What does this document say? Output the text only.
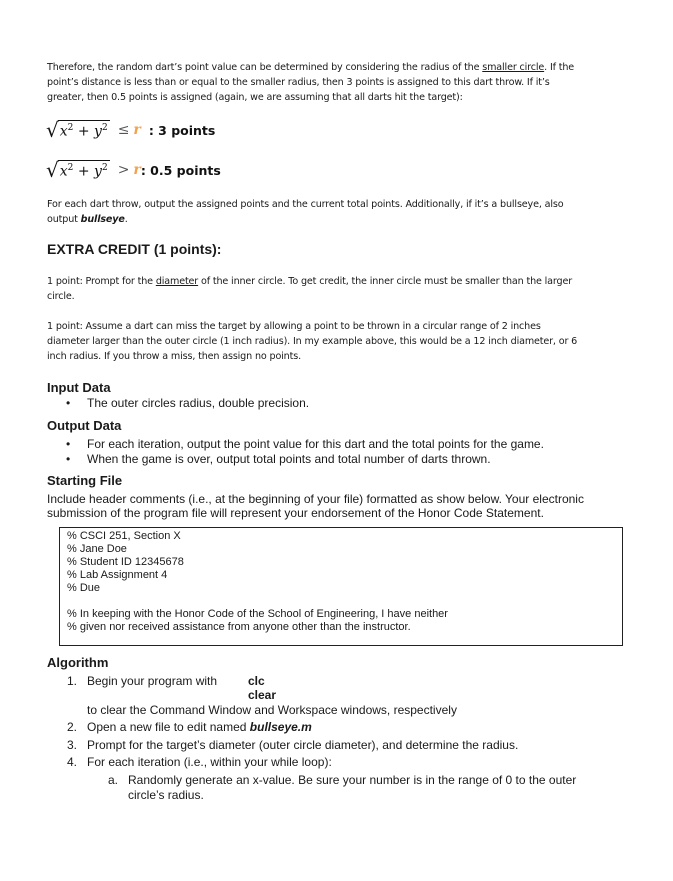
Therefore, the random dart’s point value can be determined by considering the radius of the smaller circle. If the
point’s distance is less than or equal to the smaller radius, then 3 points is assigned to this dart throw. If it’s
greater, then 0.5 points is assigned (again, we are assuming that all darts hit the target):
√ $x^2 + y^2 \le r$ : 3 points
√ $x^2 + y^2 > r$ : 0.5 points
For each dart throw, output the assigned points and the current total points. Additionally, if it’s a bullseye, also
output bullseye.
EXTRA CREDIT (1 points):
1 point: Prompt for the diameter of the inner circle. To get credit, the inner circle must be smaller than the larger
circle.
1 point: Assume a dart can miss the target by allowing a point to be thrown in a circular range of 2 inches
diameter larger than the outer circle (1 inch radius). In my example above, this would be a 12 inch diameter, or 6
inch radius. If you throw a miss, then assign no points.
Input Data
• The outer circles radius, double precision.
Output Data
• For each iteration, output the point value for this dart and the total points for the game.
• When the game is over, output total points and total number of darts thrown.
Starting File
Include header comments (i.e., at the beginning of your file) formatted as show below. Your electronic
submission of the program file will represent your endorsement of the Honor Code Statement.
% CSCI 251, Section X
% Jane Doe
% Student ID 12345678
% Lab Assignment 4
% Due
% In keeping with the Honor Code of the School of Engineering, I have neither
% given nor received assistance from anyone other than the instructor.
Algorithm
1. Begin your program with	clc
clear
to clear the Command Window and Workspace windows, respectively
2. Open a new file to edit named bullseye.m
3. Prompt for the target’s diameter (outer circle diameter), and determine the radius.
4. For each iteration (i.e., within your while loop):
a. Randomly generate an x-value. Be sure your number is in the range of 0 to the outer
circle’s radius.
